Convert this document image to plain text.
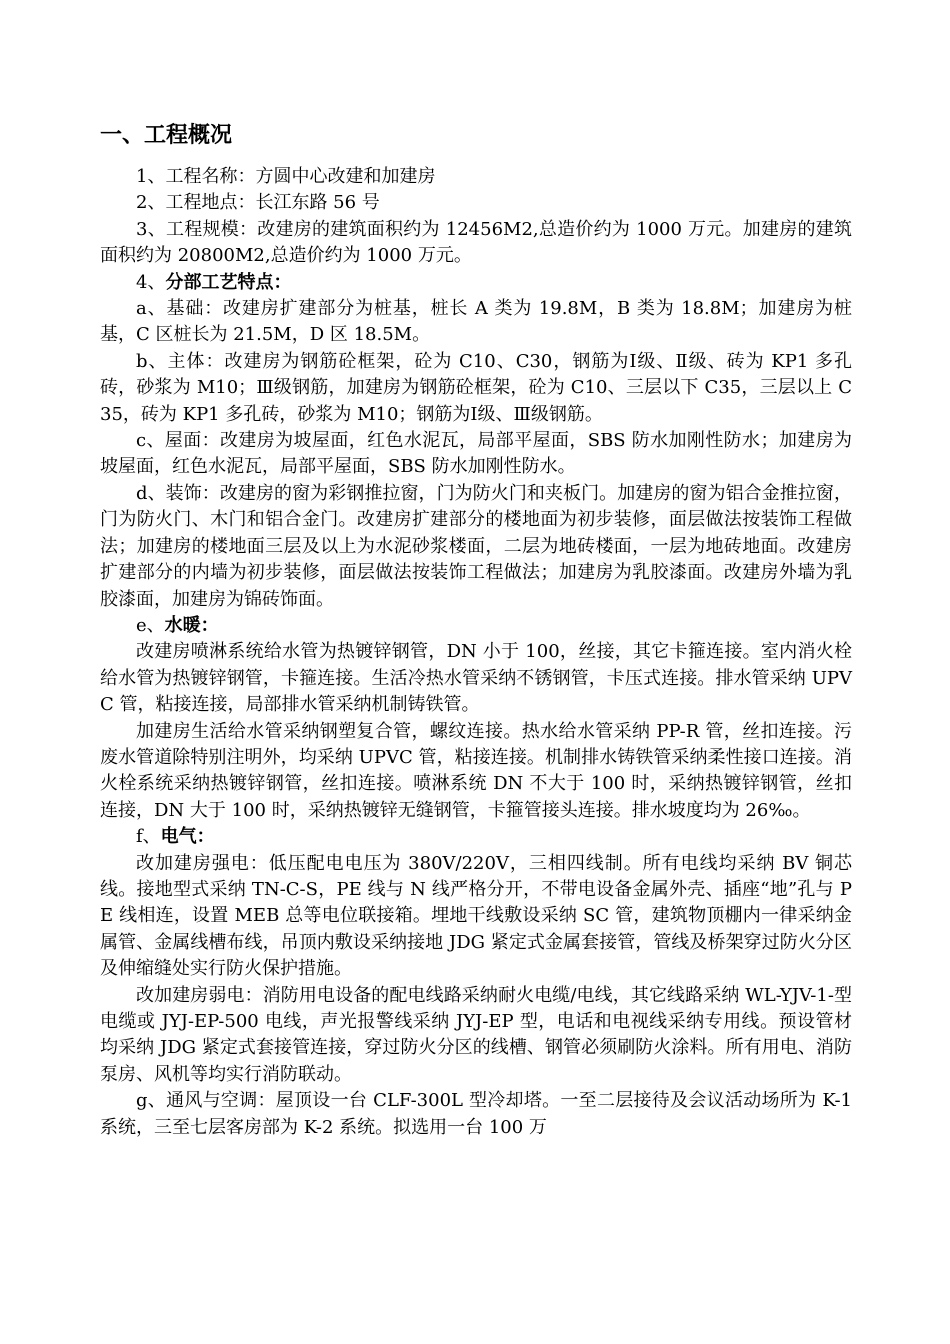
一、工程概况

1、工程名称：方圆中心改建和加建房

2、工程地点：长江东路 56 号

3、工程规模：改建房的建筑面积约为 12456M2,总造价约为 1000 万元。加建房的建筑面积约为 20800M2,总造价约为 1000 万元。

4、分部工艺特点：

a、基础：改建房扩建部分为桩基，桩长 A 类为 19.8M，B 类为 18.8M；加建房为桩基，C 区桩长为 21.5M，D 区 18.5M。

b、主体：改建房为钢筋砼框架，砼为 C10、C30，钢筋为Ⅰ级、Ⅱ级、砖为 KP1 多孔砖，砂浆为 M10；Ⅲ级钢筋，加建房为钢筋砼框架，砼为 C10、三层以下 C35，三层以上 C35，砖为 KP1 多孔砖，砂浆为 M10；钢筋为Ⅰ级、Ⅲ级钢筋。

c、屋面：改建房为坡屋面，红色水泥瓦，局部平屋面，SBS 防水加刚性防水；加建房为坡屋面，红色水泥瓦，局部平屋面，SBS 防水加刚性防水。

d、装饰：改建房的窗为彩钢推拉窗，门为防火门和夹板门。加建房的窗为铝合金推拉窗，门为防火门、木门和铝合金门。改建房扩建部分的楼地面为初步装修，面层做法按装饰工程做法；加建房的楼地面三层及以上为水泥砂浆楼面，二层为地砖楼面，一层为地砖地面。改建房扩建部分的内墙为初步装修，面层做法按装饰工程做法；加建房为乳胶漆面。改建房外墙为乳胶漆面，加建房为锦砖饰面。

e、水暖：

改建房喷淋系统给水管为热镀锌钢管，DN 小于 100，丝接，其它卡箍连接。室内消火栓给水管为热镀锌钢管，卡箍连接。生活冷热水管采纳不锈钢管，卡压式连接。排水管采纳 UPVC 管，粘接连接，局部排水管采纳机制铸铁管。

加建房生活给水管采纳钢塑复合管，螺纹连接。热水给水管采纳 PP-R 管，丝扣连接。污废水管道除特别注明外，均采纳 UPVC 管，粘接连接。机制排水铸铁管采纳柔性接口连接。消火栓系统采纳热镀锌钢管，丝扣连接。喷淋系统 DN 不大于 100 时，采纳热镀锌钢管，丝扣连接，DN 大于 100 时，采纳热镀锌无缝钢管，卡箍管接头连接。排水坡度均为 26‰。

f、电气：

改加建房强电：低压配电电压为 380V/220V，三相四线制。所有电线均采纳 BV 铜芯线。接地型式采纳 TN-C-S，PE 线与 N 线严格分开，不带电设备金属外壳、插座“地”孔与 PE 线相连，设置 MEB 总等电位联接箱。埋地干线敷设采纳 SC 管，建筑物顶棚内一律采纳金属管、金属线槽布线，吊顶内敷设采纳接地 JDG 紧定式金属套接管，管线及桥架穿过防火分区及伸缩缝处实行防火保护措施。

改加建房弱电：消防用电设备的配电线路采纳耐火电缆/电线，其它线路采纳 WL-YJV-1-型电缆或 JYJ-EP-500 电线，声光报警线采纳 JYJ-EP 型，电话和电视线采纳专用线。预设管材均采纳 JDG 紧定式套接管连接，穿过防火分区的线槽、钢管必须刷防火涂料。所有用电、消防泵房、风机等均实行消防联动。

g、通风与空调：屋顶设一台 CLF-300L 型冷却塔。一至二层接待及会议活动场所为 K-1 系统，三至七层客房部为 K-2 系统。拟选用一台 100 万
